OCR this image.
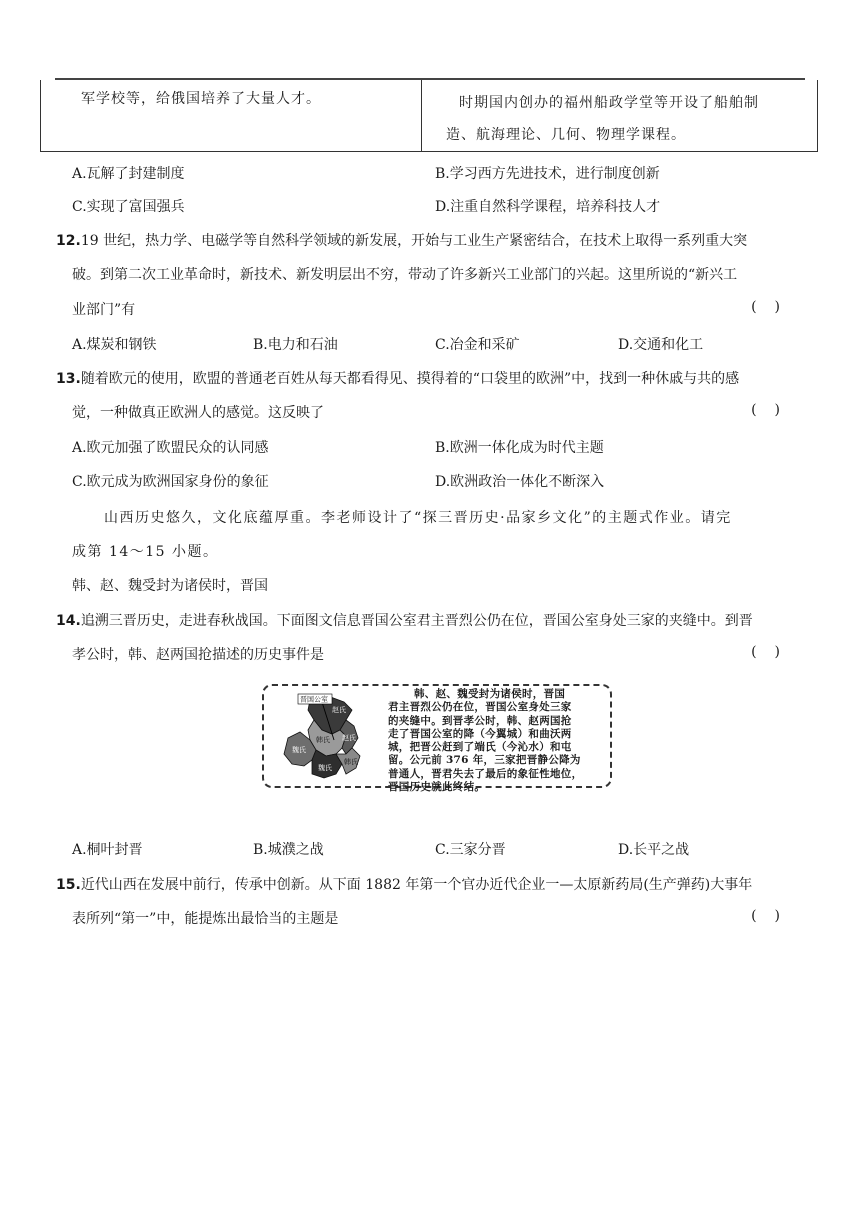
军学校等，给俄国培养了大量人才。	时期国内创办的福州船政学堂等开设了船舶制
造、航海理论、几何、物理学课程。
A.瓦解了封建制度	B.学习西方先进技术，进行制度创新
C.实现了富国强兵	D.注重自然科学课程，培养科技人才
12.19 世纪，热力学、电磁学等自然科学领域的新发展，开始与工业生产紧密结合，在技术上取得一系列重大突
破。到第二次工业革命时，新技术、新发明层出不穷，带动了许多新兴工业部门的兴起。这里所说的“新兴工
业部门”有	()
A.煤炭和钢铁	B.电力和石油	C.冶金和采矿	D.交通和化工
13.随着欧元的使用，欧盟的普通老百姓从每天都看得见、摸得着的“口袋里的欧洲”中，找到一种休戚与共的感
觉，一种做真正欧洲人的感觉。这反映了	()
A.欧元加强了欧盟民众的认同感	B.欧洲一体化成为时代主题
C.欧元成为欧洲国家身份的象征	D.欧洲政治一体化不断深入
山西历史悠久，文化底蕴厚重。李老师设计了“探三晋历史·品家乡文化”的主题式作业。请完
成第 14～15 小题。
韩、赵、魏受封为诸侯时，晋国
14.追溯三晋历史，走进春秋战国。下面图文信息晋国公室君主晋烈公仍在位，晋国公室身处三家的夹缝中。到晋
孝公时，韩、赵两国抢描述的历史事件是	()
晋国公室
赵氏
赵氏
韩氏
魏氏
韩氏
魏氏
韩、赵、魏受封为诸侯时，晋国
君主晋烈公仍在位，晋国公室身处三家
的夹缝中。到晋孝公时，韩、赵两国抢
走了晋国公室的降（今翼城）和曲沃两
城，把晋公赶到了端氏（今沁水）和屯
留。公元前 376 年，三家把晋静公降为
普通人，晋君失去了最后的象征性地位，
晋国历史就此终结。
A.桐叶封晋	B.城濮之战	C.三家分晋	D.长平之战
15.近代山西在发展中前行，传承中创新。从下面 1882 年第一个官办近代企业一—太原新药局(生产弹药)大事年
表所列“第一”中，能提炼出最恰当的主题是	()
